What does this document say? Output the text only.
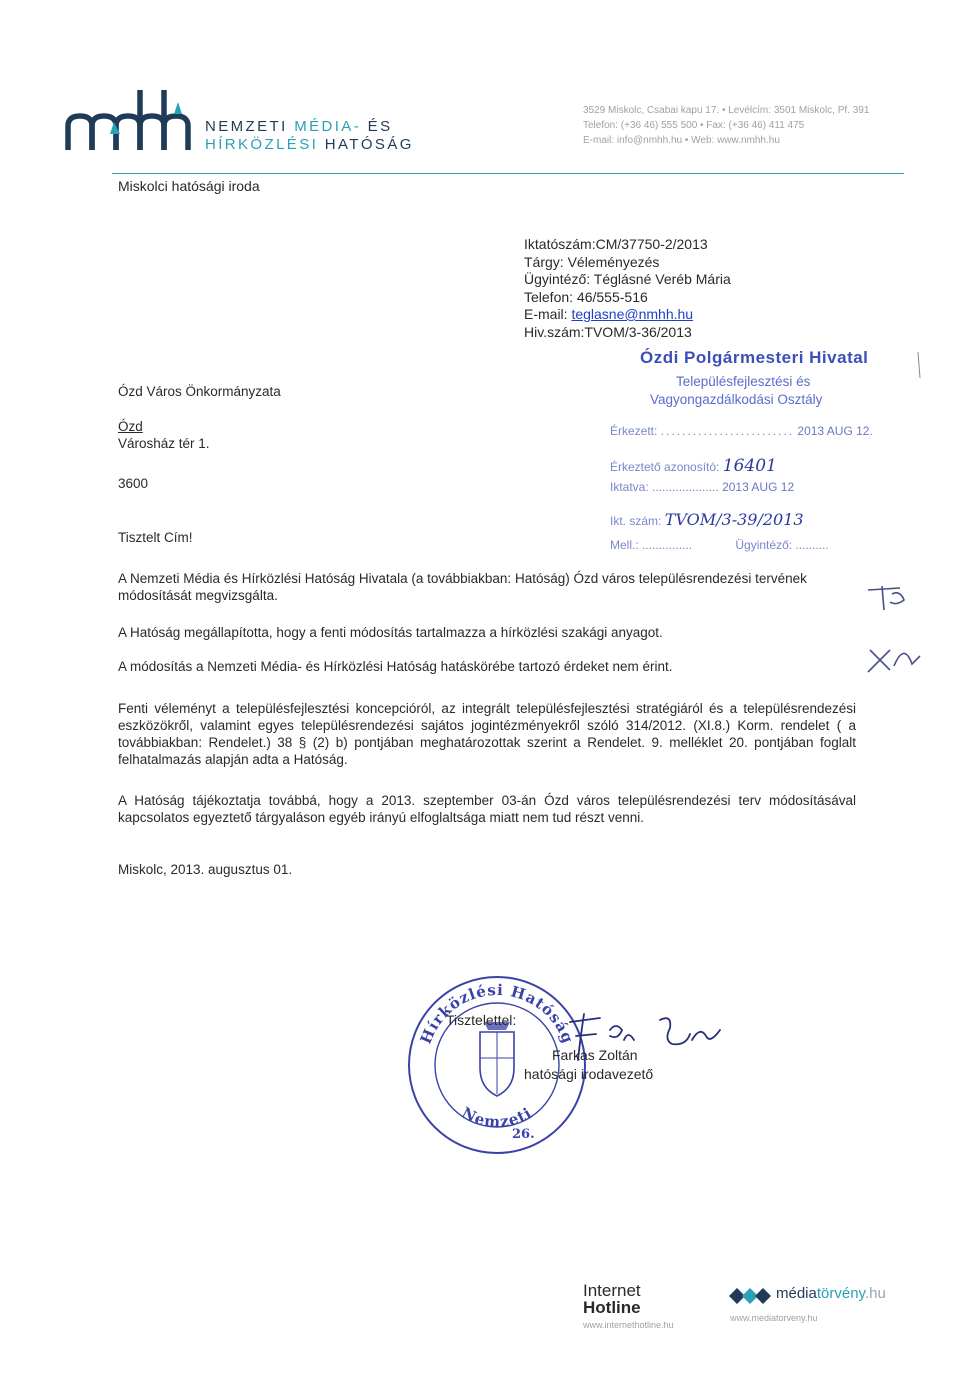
NEMZETI MÉDIA- ÉS
HÍRKÖZLÉSI HATÓSÁG
3529 Miskolc, Csabai kapu 17. • Levélcím: 3501 Miskolc, Pf. 391
Telefon: (+36 46) 555 500 • Fax: (+36 46) 411 475
E-mail: info@nmhh.hu • Web: www.nmhh.hu
Miskolci hatósági iroda
Iktatószám:CM/37750-2/2013
Tárgy: Véleményezés
Ügyintéző: Téglásné Veréb Mária
Telefon: 46/555-516
E-mail: teglasne@nmhh.hu
Hiv.szám:TVOM/3-36/2013
Ózdi Polgármesteri Hivatal
Településfejlesztési és
Vagyongazdálkodási Osztály
Érkezett: ......................... 2013 AUG 12.
Érkeztető azonosító: 16401
Iktatva: .................... 2013 AUG 12
Ikt. szám: TVOM/3-39/2013
Mell.: ...............	Ügyintéző: ..........
Ózd Város Önkormányzata
Ózd
Városház tér 1.
3600
Tisztelt Cím!
A Nemzeti Média és Hírközlési Hatóság Hivatala (a továbbiakban: Hatóság) Ózd város településrendezési tervének módosítását megvizsgálta.
A Hatóság megállapította, hogy a fenti módosítás tartalmazza a hírközlési szakági anyagot.
A módosítás a Nemzeti Média- és Hírközlési Hatóság hatáskörébe tartozó érdeket nem érint.
Fenti véleményt a településfejlesztési koncepcióról, az integrált településfejlesztési stratégiáról és a településrendezési eszközökről, valamint egyes településrendezési sajátos jogintézményekről szóló 314/2012. (XI.8.) Korm. rendelet ( a továbbiakban: Rendelet.) 38 § (2) b) pontjában meghatározottak szerint a Rendelet. 9. melléklet 20. pontjában foglalt felhatalmazás alapján adta a Hatóság.
A Hatóság tájékoztatja továbbá, hogy a 2013. szeptember 03-án Ózd város településrendezési terv módosításával kapcsolatos egyeztető tárgyaláson egyéb irányú elfoglaltsága miatt nem tud részt venni.
Miskolc, 2013. augusztus 01.
Hírközlési Hatóság
Nemzeti
26.
Tisztelettel:
Farkas Zoltán
hatósági irodavezető
Internet
Hotline
www.internethotline.hu
médiatörvény.hu
www.mediatorveny.hu
